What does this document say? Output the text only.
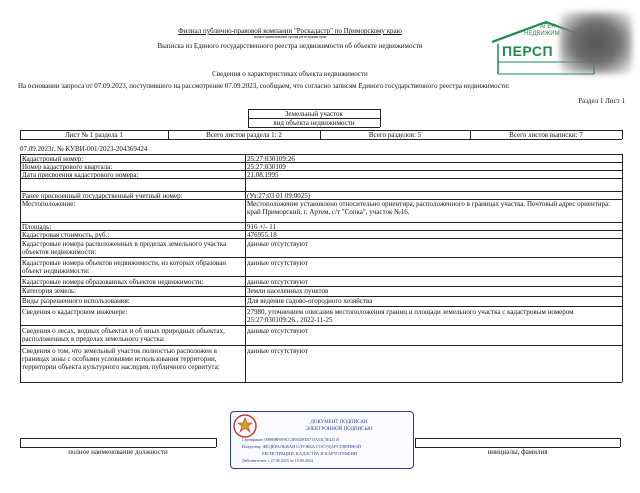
Филиал публично-правовой компании "Роскадастр" по Приморскому краю
полное наименование органа регистрации прав
Выписка из Единого государственного реестра недвижимости об объекте недвижимости
Сведения о характеристиках объекта недвижимости
На основании запроса от 07.09.2023, поступившего на рассмотрение 07.09.2023, сообщаем, что согласно записям Единого государственного реестра недвижимости:
Раздел 1 Лист 1
АГЕН
НЕДВИЖИМ
ПЕРСП
Земельный участок
вид объекта недвижимости
Лист № 1 раздела 1	Всего листов раздела 1: 2	Всего разделов: 5	Всего листов выписки: 7
07.09.2023г. № КУВИ-001/2023-204369424
Кадастровый номер:	25:27:030109:26
Номер кадастрового квартала:	25:27:030109
Дата присвоения кадастрового номера:	21.08.1995
Ранее присвоенный государственный учетный номер:	(Уз:27:03 01 09:0025)
Местоположение:	Местоположение установлено относительно ориентира, расположенного в границах участка. Почтовый адрес ориентира: край Приморский, г. Артем, с/т "Сопка", участок №16.
Площадь:	916 +/- 11
Кадастровая стоимость, руб.:	476955.18
Кадастровые номера расположенных в пределах земельного участка объектов недвижимости:
данные отсутствуют
Кадастровые номера объектов недвижимости, из которых образован объект недвижимости:
данные отсутствуют
Кадастровые номера образованных объектов недвижимости:	данные отсутствуют
Категория земель:	Земли населенных пунктов
Виды разрешенного использования:	Для ведения садово-огородного хозяйства
Сведения о кадастровом инженере:	27980, уточнением описания местоположения границ и площади земельного участка с кадастровым номером 25:27:030109:26., 2022-11-25
Сведения о лесах, водных объектах и об иных природных объектах, расположенных в пределах земельного участка:
данные отсутствуют
Сведения о том, что земельный участок полностью расположен в границах зоны с особыми условиями использования территории, территории объекта культурного наследия, публичного сервитута:
данные отсутствуют
полное наименование должности	инициалы, фамилия
ДОКУМЕНТ ПОДПИСАН
ЭЛЕКТРОННОЙ ПОДПИСЬЮ
Сертификат: 00880BF6F9CC3E83DEE8715A53C5E42510
Владелец: ФЕДЕРАЛЬНАЯ СЛУЖБА ГОСУДАРСТВЕННОЙ
РЕГИСТРАЦИИ, КАДАСТРА И КАРТОГРАФИИ
Действителен: с 27.06.2023 по 19.09.2024
